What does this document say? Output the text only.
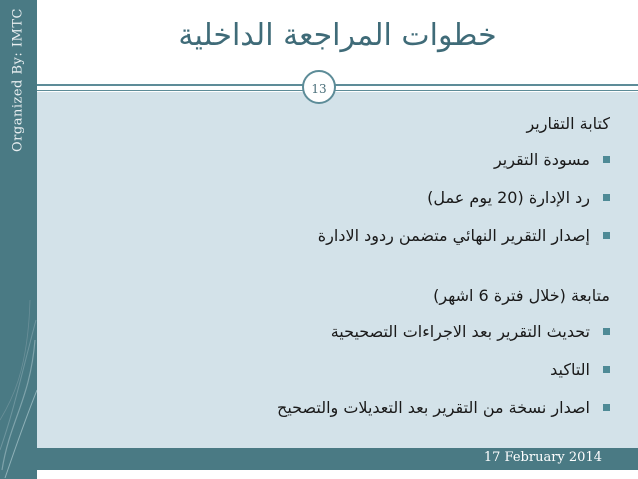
Organized By: IMTC	خطوات المراجعة الداخلية
13
كتابة التقارير
مسودة التقرير
رد الإدارة (20 يوم عمل)
إصدار التقرير النهائي متضمن ردود الادارة
متابعة (خلال فترة 6 اشهر)
تحديث التقرير بعد الاجراءات التصحيحية
التاكيد
اصدار نسخة من التقرير بعد التعديلات والتصحيح
17 February 2014
